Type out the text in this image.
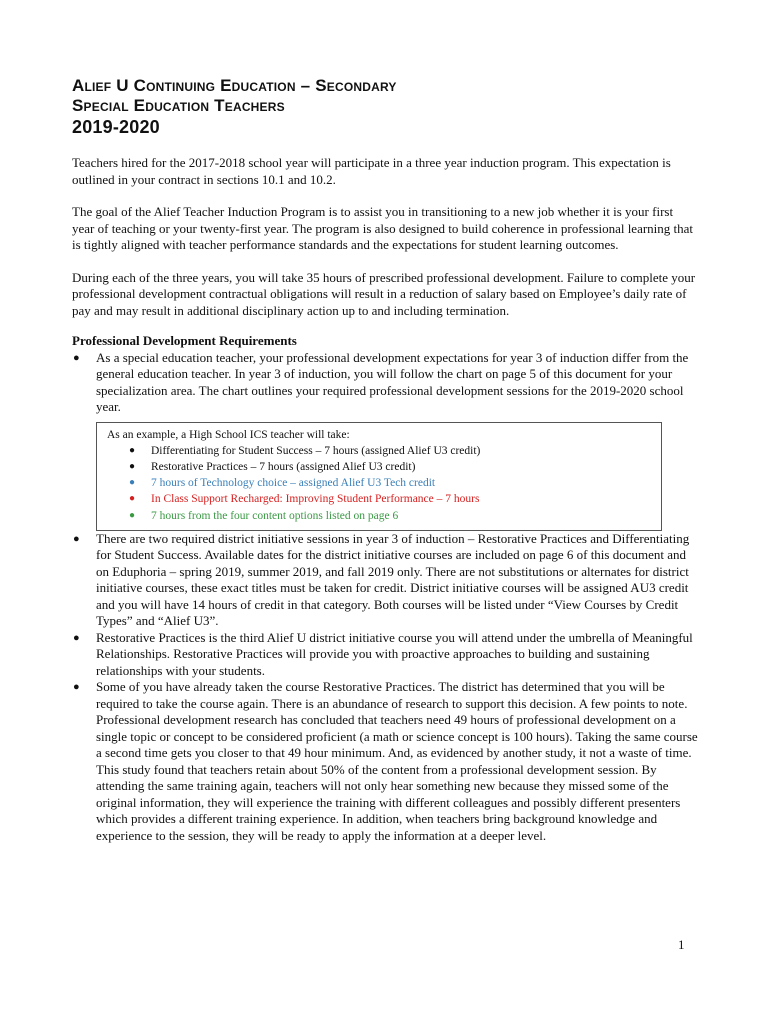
Alief U Continuing Education – Secondary
Special Education Teachers
2019-2020

Teachers hired for the 2017-2018 school year will participate in a three year induction program. This expectation is outlined in your contract in sections 10.1 and 10.2.

The goal of the Alief Teacher Induction Program is to assist you in transitioning to a new job whether it is your first year of teaching or your twenty-first year. The program is also designed to build coherence in professional learning that is tightly aligned with teacher performance standards and the expectations for student learning outcomes.

During each of the three years, you will take 35 hours of prescribed professional development. Failure to complete your professional development contractual obligations will result in a reduction of salary based on Employee’s daily rate of pay and may result in additional disciplinary action up to and including termination.

Professional Development Requirements
● As a special education teacher, your professional development expectations for year 3 of induction differ from the general education teacher. In year 3 of induction, you will follow the chart on page 5 of this document for your specialization area. The chart outlines your required professional development sessions for the 2019-2020 school year.
As an example, a High School ICS teacher will take:
● Differentiating for Student Success – 7 hours (assigned Alief U3 credit)
● Restorative Practices – 7 hours (assigned Alief U3 credit)
● 7 hours of Technology choice – assigned Alief U3 Tech credit
● In Class Support Recharged: Improving Student Performance – 7 hours
● 7 hours from the four content options listed on page 6
● There are two required district initiative sessions in year 3 of induction – Restorative Practices and Differentiating for Student Success. Available dates for the district initiative courses are included on page 6 of this document and on Eduphoria – spring 2019, summer 2019, and fall 2019 only. There are not substitutions or alternates for district initiative courses, these exact titles must be taken for credit. District initiative courses will be assigned AU3 credit and you will have 14 hours of credit in that category. Both courses will be listed under “View Courses by Credit Types” and “Alief U3”.
● Restorative Practices is the third Alief U district initiative course you will attend under the umbrella of Meaningful Relationships. Restorative Practices will provide you with proactive approaches to building and sustaining relationships with your students.
● Some of you have already taken the course Restorative Practices. The district has determined that you will be required to take the course again. There is an abundance of research to support this decision. A few points to note. Professional development research has concluded that teachers need 49 hours of professional development on a single topic or concept to be considered proficient (a math or science concept is 100 hours). Taking the same course a second time gets you closer to that 49 hour minimum. And, as evidenced by another study, it not a waste of time. This study found that teachers retain about 50% of the content from a professional development session. By attending the same training again, teachers will not only hear something new because they missed some of the original information, they will experience the training with different colleagues and possibly different presenters which provides a different training experience. In addition, when teachers bring background knowledge and experience to the session, they will be ready to apply the information at a deeper level.
1
